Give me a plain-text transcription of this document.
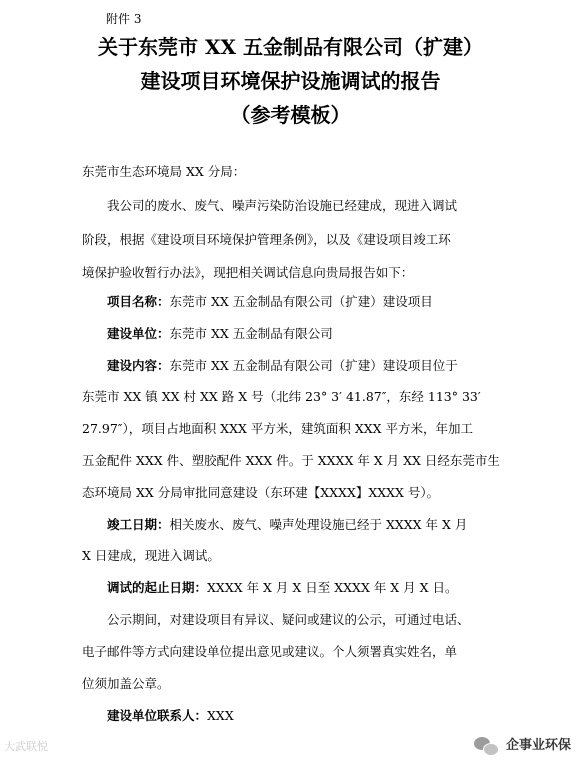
附件 3
关于东莞市 XX 五金制品有限公司（扩建）
建设项目环境保护设施调试的报告
（参考模板）
东莞市生态环境局 XX 分局：
我公司的废水、废气、噪声污染防治设施已经建成，现进入调试
阶段，根据《建设项目环境保护管理条例》，以及《建设项目竣工环
境保护验收暂行办法》，现把相关调试信息向贵局报告如下：
项目名称：东莞市 XX 五金制品有限公司（扩建）建设项目
建设单位：东莞市 XX 五金制品有限公司
建设内容：东莞市 XX 五金制品有限公司（扩建）建设项目位于
东莞市 XX 镇 XX 村 XX 路 X 号（北纬 23° 3′ 41.87″，东经 113° 33′
27.97″），项目占地面积 XXX 平方米，建筑面积 XXX 平方米，年加工
五金配件 XXX 件、塑胶配件 XXX 件。于 XXXX 年 X 月 XX 日经东莞市生
态环境局 XX 分局审批同意建设（东环建【XXXX】XXXX 号）。
竣工日期：相关废水、废气、噪声处理设施已经于 XXXX 年 X 月
X 日建成，现进入调试。
调试的起止日期：XXXX 年 X 月 X 日至 XXXX 年 X 月 X 日。
公示期间，对建设项目有异议、疑问或建议的公示，可通过电话、
电子邮件等方式向建设单位提出意见或建议。个人须署真实姓名，单
位须加盖公章。
建设单位联系人：XXX
大武联悦	企事业环保
